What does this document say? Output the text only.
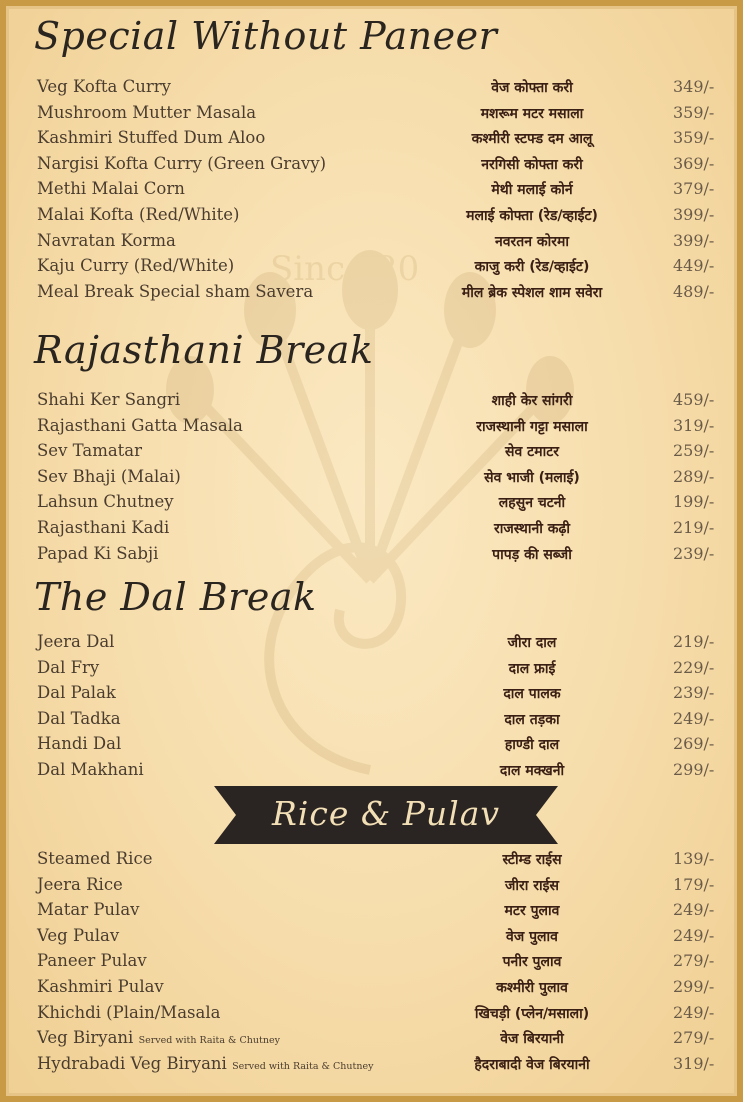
Since 20
Special Without Paneer
Veg Kofta Curry	वेज कोफ्ता करी	349/-
Mushroom Mutter Masala	मशरूम मटर मसाला	359/-
Kashmiri Stuffed Dum Aloo	कश्मीरी स्टफ्ड दम आलू	359/-
Nargisi Kofta Curry (Green Gravy)	नरगिसी कोफ्ता करी	369/-
Methi Malai Corn	मेथी मलाई कोर्न	379/-
Malai Kofta (Red/White)	मलाई कोफ्ता (रेड/व्हाईट)	399/-
Navratan Korma	नवरतन कोरमा	399/-
Kaju Curry (Red/White)	काजु करी (रेड/व्हाईट)	449/-
Meal Break Special sham Savera	मील ब्रेक स्पेशल शाम सवेरा	489/-
Rajasthani Break
Shahi Ker Sangri	शाही केर सांगरी	459/-
Rajasthani Gatta Masala	राजस्थानी गट्टा मसाला	319/-
Sev Tamatar	सेव टमाटर	259/-
Sev Bhaji (Malai)	सेव भाजी (मलाई)	289/-
Lahsun Chutney	लहसुन चटनी	199/-
Rajasthani Kadi	राजस्थानी कढ़ी	219/-
Papad Ki Sabji	पापड़ की सब्जी	239/-
The Dal Break
Jeera Dal	जीरा दाल	219/-
Dal Fry	दाल फ्राई	229/-
Dal Palak	दाल पालक	239/-
Dal Tadka	दाल तड़का	249/-
Handi Dal	हाण्डी दाल	269/-
Dal Makhani	दाल मक्खनी	299/-
Rice & Pulav
Steamed Rice	स्टीम्ड राईस	139/-
Jeera Rice	जीरा राईस	179/-
Matar Pulav	मटर पुलाव	249/-
Veg Pulav	वेज पुलाव	249/-
Paneer Pulav	पनीर पुलाव	279/-
Kashmiri Pulav	कश्मीरी पुलाव	299/-
Khichdi (Plain/Masala	खिचड़ी (प्लेन/मसाला)	249/-
Veg Biryani Served with Raita & Chutney	वेज बिरयानी	279/-
Hydrabadi Veg Biryani Served with Raita & Chutney	हैदराबादी वेज बिरयानी	319/-
